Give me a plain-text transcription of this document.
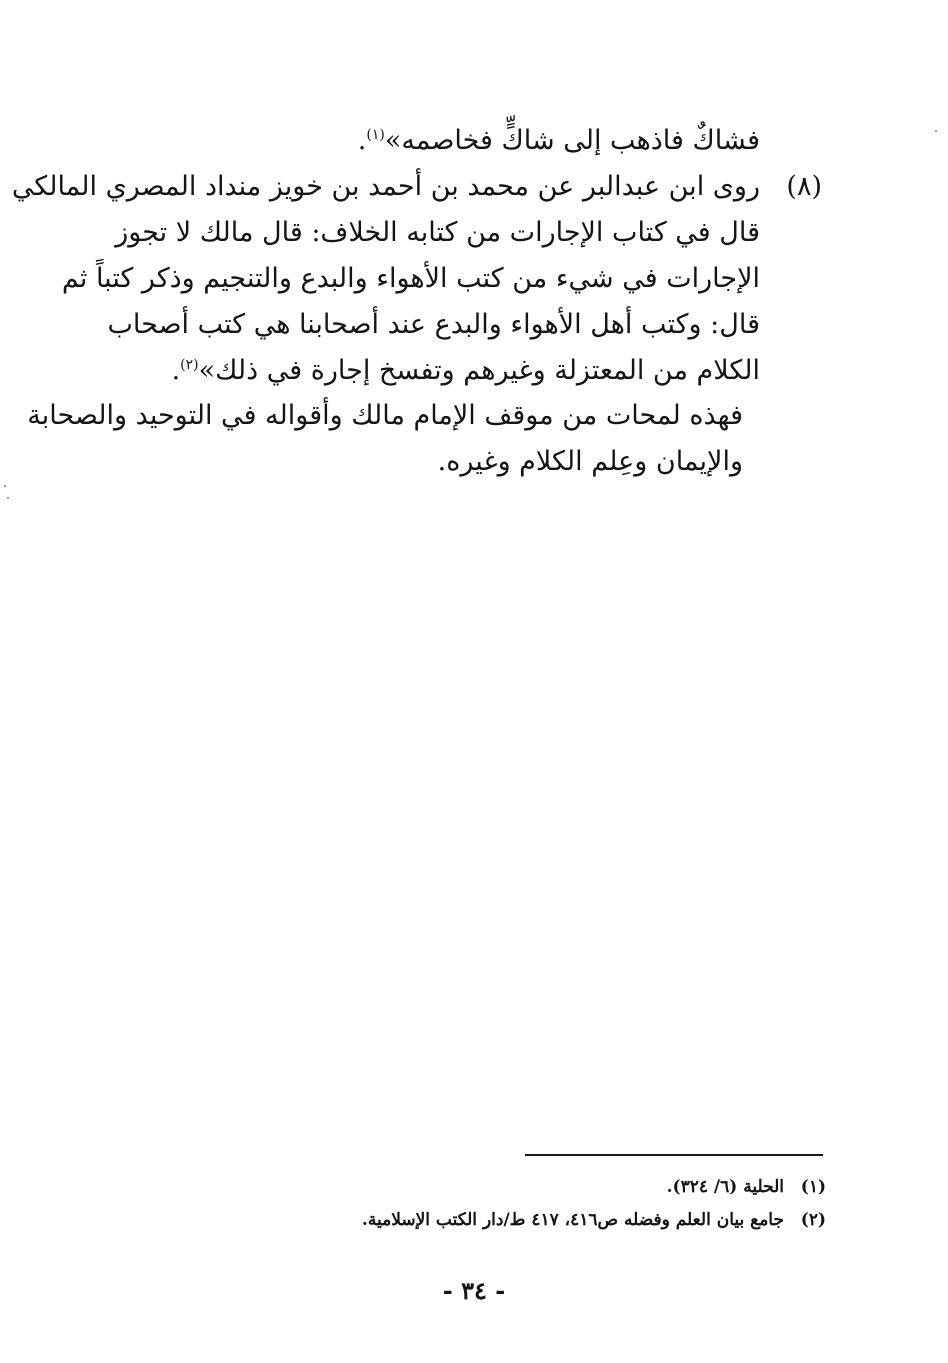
فشاكٌ فاذهب إلى شاكٍّ فخاصمه»$^{(١)}$.
(٨)
روى ابن عبدالبر عن محمد بن أحمد بن خويز منداد المصري المالكي
قال في كتاب الإجارات من كتابه الخلاف: قال مالك لا تجوز
الإجارات في شيء من كتب الأهواء والبدع والتنجيم وذكر كتباً ثم
قال: وكتب أهل الأهواء والبدع عند أصحابنا هي كتب أصحاب
الكلام من المعتزلة وغيرهم وتفسخ إجارة في ذلك»$^{(٢)}$.
فهذه لمحات من موقف الإمام مالك وأقواله في التوحيد والصحابة
والإيمان وعِلم الكلام وغيره.
(١)الحلية (٦/ ٣٢٤).
(٢)جامع بيان العلم وفضله ص٤١٦، ٤١٧ ط/دار الكتب الإسلامية.
- ٣٤ -
